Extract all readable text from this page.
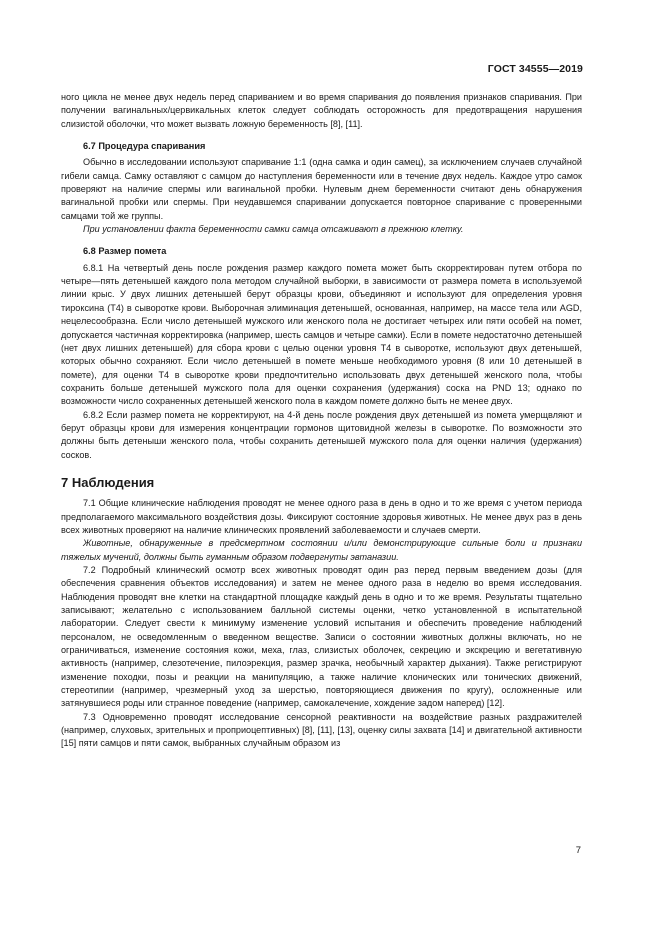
ГОСТ 34555—2019

ного цикла не менее двух недель перед спариванием и во время спаривания до появления признаков спаривания. При получении вагинальных/цервикальных клеток следует соблюдать осторожность для предотвращения нарушения слизистой оболочки, что может вызвать ложную беременность [8], [11].

6.7 Процедура спаривания

Обычно в исследовании используют спаривание 1:1 (одна самка и один самец), за исключением случаев случайной гибели самца. Самку оставляют с самцом до наступления беременности или в течение двух недель. Каждое утро самок проверяют на наличие спермы или вагинальной пробки. Нулевым днем беременности считают день обнаружения вагинальной пробки или спермы. При неудавшемся спаривании допускается повторное спаривание с проверенными самцами той же группы.

При установлении факта беременности самки самца отсаживают в прежнюю клетку.

6.8 Размер помета

6.8.1 На четвертый день после рождения размер каждого помета может быть скорректирован путем отбора по четыре—пять детенышей каждого пола методом случайной выборки, в зависимости от размера помета в используемой линии крыс. У двух лишних детенышей берут образцы крови, объединяют и используют для определения уровня тироксина (Т4) в сыворотке крови. Выборочная элиминация детенышей, основанная, например, на массе тела или AGD, нецелесообразна. Если число детенышей мужского или женского пола не достигает четырех или пяти особей на помет, допускается частичная корректировка (например, шесть самцов и четыре самки). Если в помете недостаточно детенышей (нет двух лишних детенышей) для сбора крови с целью оценки уровня Т4 в сыворотке, используют двух детенышей, которых обычно сохраняют. Если число детенышей в помете меньше необходимого уровня (8 или 10 детенышей в помете), для оценки Т4 в сыворотке крови предпочтительно использовать двух детенышей женского пола, чтобы сохранить больше детенышей мужского пола для оценки сохранения (удержания) соска на PND 13; однако по возможности число сохраненных детенышей женского пола в каждом помете должно быть не менее двух.

6.8.2 Если размер помета не корректируют, на 4-й день после рождения двух детенышей из помета умерщвляют и берут образцы крови для измерения концентрации гормонов щитовидной железы в сыворотке. По возможности это должны быть детеныши женского пола, чтобы сохранить детенышей мужского пола для оценки наличия (удержания) сосков.

7 Наблюдения

7.1 Общие клинические наблюдения проводят не менее одного раза в день в одно и то же время с учетом периода предполагаемого максимального воздействия дозы. Фиксируют состояние здоровья животных. Не менее двух раз в день всех животных проверяют на наличие клинических проявлений заболеваемости и случаев смерти.

Животные, обнаруженные в предсмертном состоянии и/или демонстрирующие сильные боли и признаки тяжелых мучений, должны быть гуманным образом подвергнуты эвтаназии.

7.2 Подробный клинический осмотр всех животных проводят один раз перед первым введением дозы (для обеспечения сравнения объектов исследования) и затем не менее одного раза в неделю во время исследования. Наблюдения проводят вне клетки на стандартной площадке каждый день в одно и то же время. Результаты тщательно записывают; желательно с использованием балльной системы оценки, четко установленной в испытательной лаборатории. Следует свести к минимуму изменение условий испытания и обеспечить проведение наблюдений персоналом, не осведомленным о введенном веществе. Записи о состоянии животных должны включать, но не ограничиваться, изменение состояния кожи, меха, глаз, слизистых оболочек, секрецию и экскрецию и вегетативную активность (например, слезотечение, пилоэрекция, размер зрачка, необычный характер дыхания). Также регистрируют изменение походки, позы и реакции на манипуляцию, а также наличие клонических или тонических движений, стереотипии (например, чрезмерный уход за шерстью, повторяющиеся движения по кругу), осложненные или затянувшиеся роды или странное поведение (например, самокалечение, хождение задом наперед) [12].

7.3 Одновременно проводят исследование сенсорной реактивности на воздействие разных раздражителей (например, слуховых, зрительных и проприоцептивных) [8], [11], [13], оценку силы захвата [14] и двигательной активности [15] пяти самцов и пяти самок, выбранных случайным образом из

7
